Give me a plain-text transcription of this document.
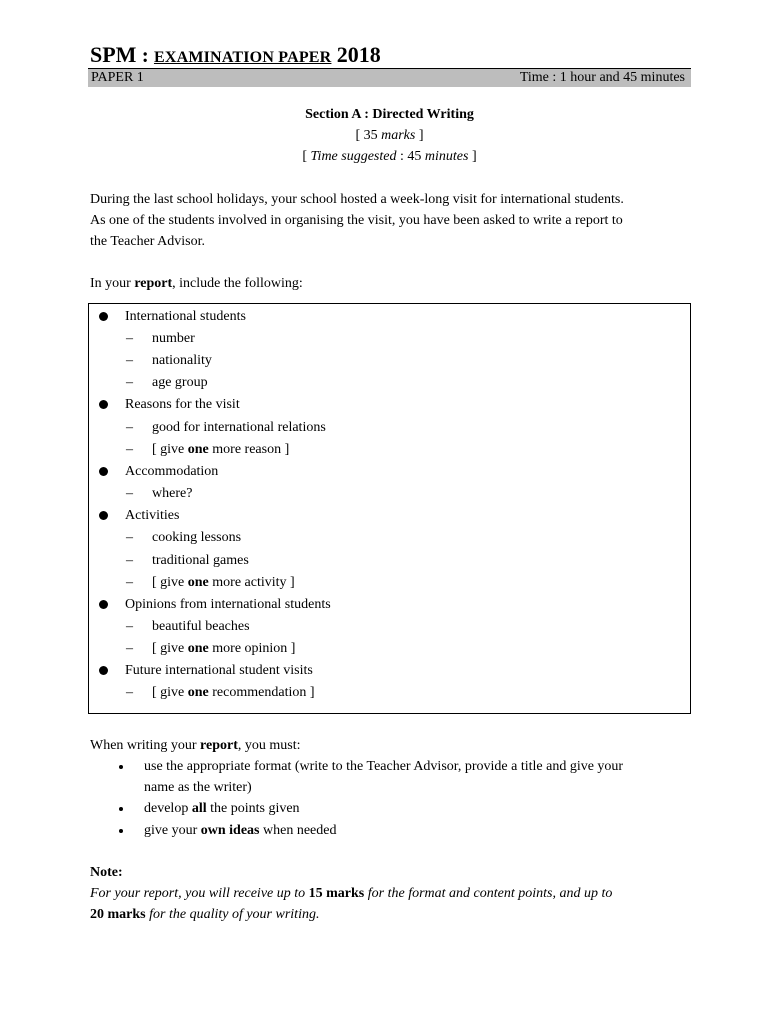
SPM : EXAMINATION PAPER 2018
PAPER 1	Time : 1 hour and 45 minutes
Section A : Directed Writing
[ 35 marks ]
[ Time suggested : 45 minutes ]
During the last school holidays, your school hosted a week-long visit for international students.
As one of the students involved in organising the visit, you have been asked to write a report to
the Teacher Advisor.
In your report, include the following:
International students
– number
– nationality
– age group
Reasons for the visit
– good for international relations
– [ give one more reason ]
Accommodation
– where?
Activities
– cooking lessons
– traditional games
– [ give one more activity ]
Opinions from international students
– beautiful beaches
– [ give one more opinion ]
Future international student visits
– [ give one recommendation ]
When writing your report, you must:
use the appropriate format (write to the Teacher Advisor, provide a title and give your
name as the writer)
develop all the points given
give your own ideas when needed
Note:
For your report, you will receive up to 15 marks for the format and content points, and up to
20 marks for the quality of your writing.
